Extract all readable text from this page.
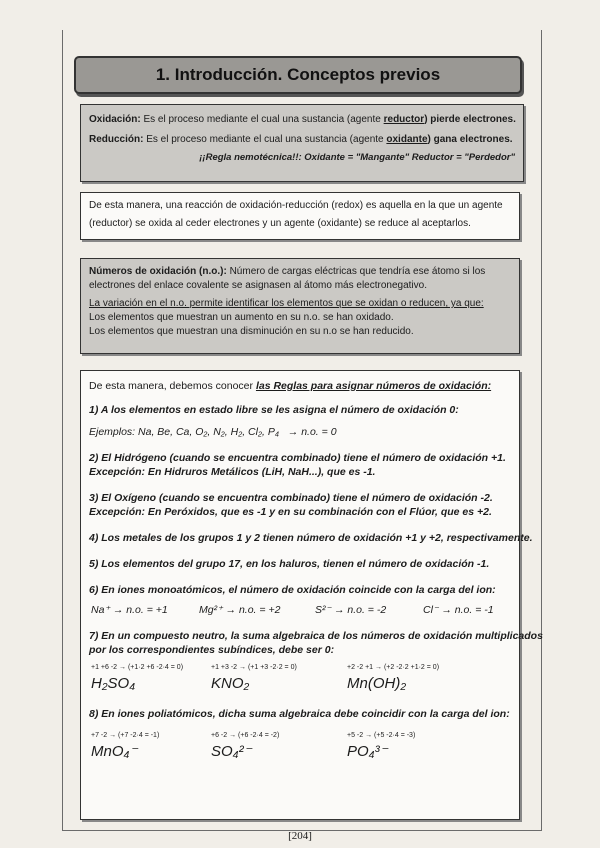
1. Introducción. Conceptos previos
Oxidación: Es el proceso mediante el cual una sustancia (agente reductor) pierde electrones.
Reducción: Es el proceso mediante el cual una sustancia (agente oxidante) gana electrones.
¡¡Regla nemotécnica!!: Oxidante = "Mangante" Reductor = "Perdedor"
De esta manera, una reacción de oxidación-reducción (redox) es aquella en la que un agente
(reductor) se oxida al ceder electrones y un agente (oxidante) se reduce al aceptarlos.
Números de oxidación (n.o.): Número de cargas eléctricas que tendría ese átomo si los
electrones del enlace covalente se asignasen al átomo más electronegativo.
La variación en el n.o. permite identificar los elementos que se oxidan o reducen, ya que:
Los elementos que muestran un aumento en su n.o. se han oxidado.
Los elementos que muestran una disminución en su n.o se han reducido.
De esta manera, debemos conocer las Reglas para asignar números de oxidación:
1) A los elementos en estado libre se les asigna el número de oxidación 0:
Ejemplos: Na, Be, Ca, O₂, N₂, H₂, Cl₂, P₄ → n.o. = 0
2) El Hidrógeno (cuando se encuentra combinado) tiene el número de oxidación +1.
Excepción: En Hidruros Metálicos (LiH, NaH...), que es -1.
3) El Oxígeno (cuando se encuentra combinado) tiene el número de oxidación -2.
Excepción: En Peróxidos, que es -1 y en su combinación con el Flúor, que es +2.
4) Los metales de los grupos 1 y 2 tienen número de oxidación +1 y +2, respectivamente.
5) Los elementos del grupo 17, en los haluros, tienen el número de oxidación -1.
6) En iones monoatómicos, el número de oxidación coincide con la carga del ion:
Na⁺ → n.o. = +1	Mg²⁺ → n.o. = +2	S²⁻ → n.o. = -2	Cl⁻ → n.o. = -1
7) En un compuesto neutro, la suma algebraica de los números de oxidación multiplicados
por los correspondientes subíndices, debe ser 0:
+1 +6 -2 → (+1·2 +6 -2·4 = 0)
H₂SO₄
+1 +3 -2 → (+1 +3 -2·2 = 0)
KNO₂
+2 -2 +1 → (+2 -2·2 +1·2 = 0)
Mn(OH)₂
8) En iones poliatómicos, dicha suma algebraica debe coincidir con la carga del ion:
+7 -2 → (+7 -2·4 = -1)
MnO₄⁻
+6 -2 → (+6 -2·4 = -2)
SO₄²⁻
+5 -2 → (+5 -2·4 = -3)
PO₄³⁻
[204]
